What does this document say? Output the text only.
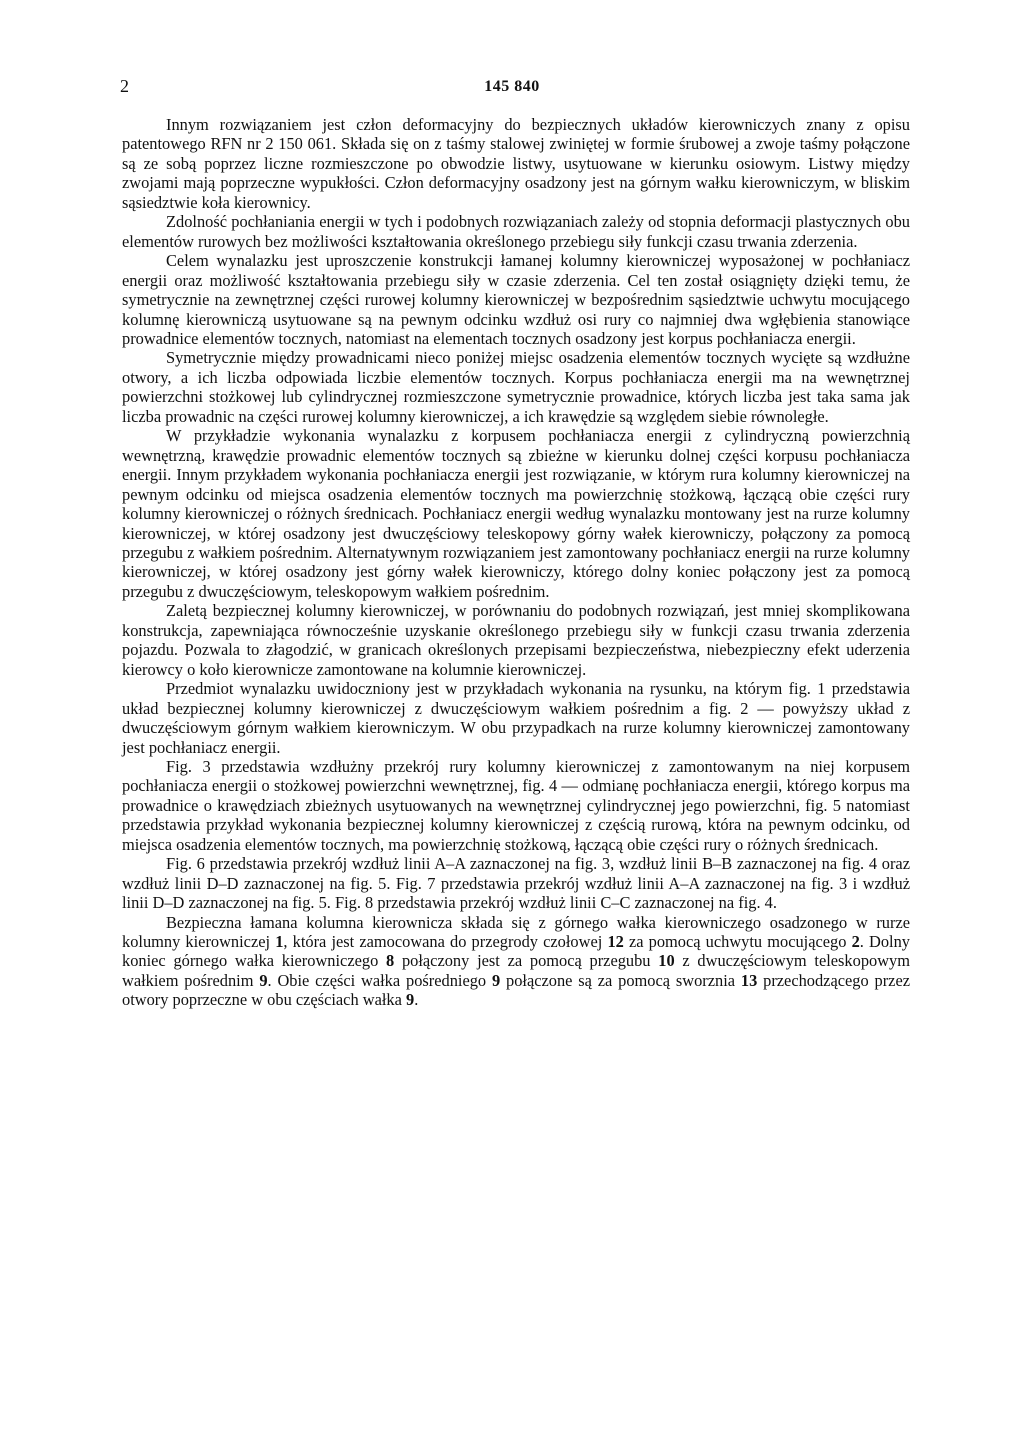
2	145 840

Innym rozwiązaniem jest człon deformacyjny do bezpiecznych układów kierowniczych znany z opisu patentowego RFN nr 2 150 061. Składa się on z taśmy stalowej zwiniętej w formie śrubowej a zwoje taśmy połączone są ze sobą poprzez liczne rozmieszczone po obwodzie listwy, usytuowane w kierunku osiowym. Listwy między zwojami mają poprzeczne wypukłości. Człon deformacyjny osadzony jest na górnym wałku kierowniczym, w bliskim sąsiedztwie koła kierownicy.

Zdolność pochłaniania energii w tych i podobnych rozwiązaniach zależy od stopnia deformacji plastycznych obu elementów rurowych bez możliwości kształtowania określonego przebiegu siły funkcji czasu trwania zderzenia.

Celem wynalazku jest uproszczenie konstrukcji łamanej kolumny kierowniczej wyposażonej w pochłaniacz energii oraz możliwość kształtowania przebiegu siły w czasie zderzenia. Cel ten został osiągnięty dzięki temu, że symetrycznie na zewnętrznej części rurowej kolumny kierowniczej w bezpośrednim sąsiedztwie uchwytu mocującego kolumnę kierowniczą usytuowane są na pewnym odcinku wzdłuż osi rury co najmniej dwa wgłębienia stanowiące prowadnice elementów tocznych, natomiast na elementach tocznych osadzony jest korpus pochłaniacza energii.

Symetrycznie między prowadnicami nieco poniżej miejsc osadzenia elementów tocznych wycięte są wzdłużne otwory, a ich liczba odpowiada liczbie elementów tocznych. Korpus pochłaniacza energii ma na wewnętrznej powierzchni stożkowej lub cylindrycznej rozmieszczone symetrycznie prowadnice, których liczba jest taka sama jak liczba prowadnic na części rurowej kolumny kierowniczej, a ich krawędzie są względem siebie równoległe.

W przykładzie wykonania wynalazku z korpusem pochłaniacza energii z cylindryczną powierzchnią wewnętrzną, krawędzie prowadnic elementów tocznych są zbieżne w kierunku dolnej części korpusu pochłaniacza energii. Innym przykładem wykonania pochłaniacza energii jest rozwiązanie, w którym rura kolumny kierowniczej na pewnym odcinku od miejsca osadzenia elementów tocznych ma powierzchnię stożkową, łączącą obie części rury kolumny kierowniczej o różnych średnicach. Pochłaniacz energii według wynalazku montowany jest na rurze kolumny kierowniczej, w której osadzony jest dwuczęściowy teleskopowy górny wałek kierowniczy, połączony za pomocą przegubu z wałkiem pośrednim. Alternatywnym rozwiązaniem jest zamontowany pochłaniacz energii na rurze kolumny kierowniczej, w której osadzony jest górny wałek kierowniczy, którego dolny koniec połączony jest za pomocą przegubu z dwuczęściowym, teleskopowym wałkiem pośrednim.

Zaletą bezpiecznej kolumny kierowniczej, w porównaniu do podobnych rozwiązań, jest mniej skomplikowana konstrukcja, zapewniająca równocześnie uzyskanie określonego przebiegu siły w funkcji czasu trwania zderzenia pojazdu. Pozwala to złagodzić, w granicach określonych przepisami bezpieczeństwa, niebezpieczny efekt uderzenia kierowcy o koło kierownicze zamontowane na kolumnie kierowniczej.

Przedmiot wynalazku uwidoczniony jest w przykładach wykonania na rysunku, na którym fig. 1 przedstawia układ bezpiecznej kolumny kierowniczej z dwuczęściowym wałkiem pośrednim a fig. 2 — powyższy układ z dwuczęściowym górnym wałkiem kierowniczym. W obu przypadkach na rurze kolumny kierowniczej zamontowany jest pochłaniacz energii.

Fig. 3 przedstawia wzdłużny przekrój rury kolumny kierowniczej z zamontowanym na niej korpusem pochłaniacza energii o stożkowej powierzchni wewnętrznej, fig. 4 — odmianę pochłaniacza energii, którego korpus ma prowadnice o krawędziach zbieżnych usytuowanych na wewnętrznej cylindrycznej jego powierzchni, fig. 5 natomiast przedstawia przykład wykonania bezpiecznej kolumny kierowniczej z częścią rurową, która na pewnym odcinku, od miejsca osadzenia elementów tocznych, ma powierzchnię stożkową, łączącą obie części rury o różnych średnicach.

Fig. 6 przedstawia przekrój wzdłuż linii A–A zaznaczonej na fig. 3, wzdłuż linii B–B zaznaczonej na fig. 4 oraz wzdłuż linii D–D zaznaczonej na fig. 5. Fig. 7 przedstawia przekrój wzdłuż linii A–A zaznaczonej na fig. 3 i wzdłuż linii D–D zaznaczonej na fig. 5. Fig. 8 przedstawia przekrój wzdłuż linii C–C zaznaczonej na fig. 4.

Bezpieczna łamana kolumna kierownicza składa się z górnego wałka kierowniczego osadzonego w rurze kolumny kierowniczej 1, która jest zamocowana do przegrody czołowej 12 za pomocą uchwytu mocującego 2. Dolny koniec górnego wałka kierowniczego 8 połączony jest za pomocą przegubu 10 z dwuczęściowym teleskopowym wałkiem pośrednim 9. Obie części wałka pośredniego 9 połączone są za pomocą sworznia 13 przechodzącego przez otwory poprzeczne w obu częściach wałka 9.
